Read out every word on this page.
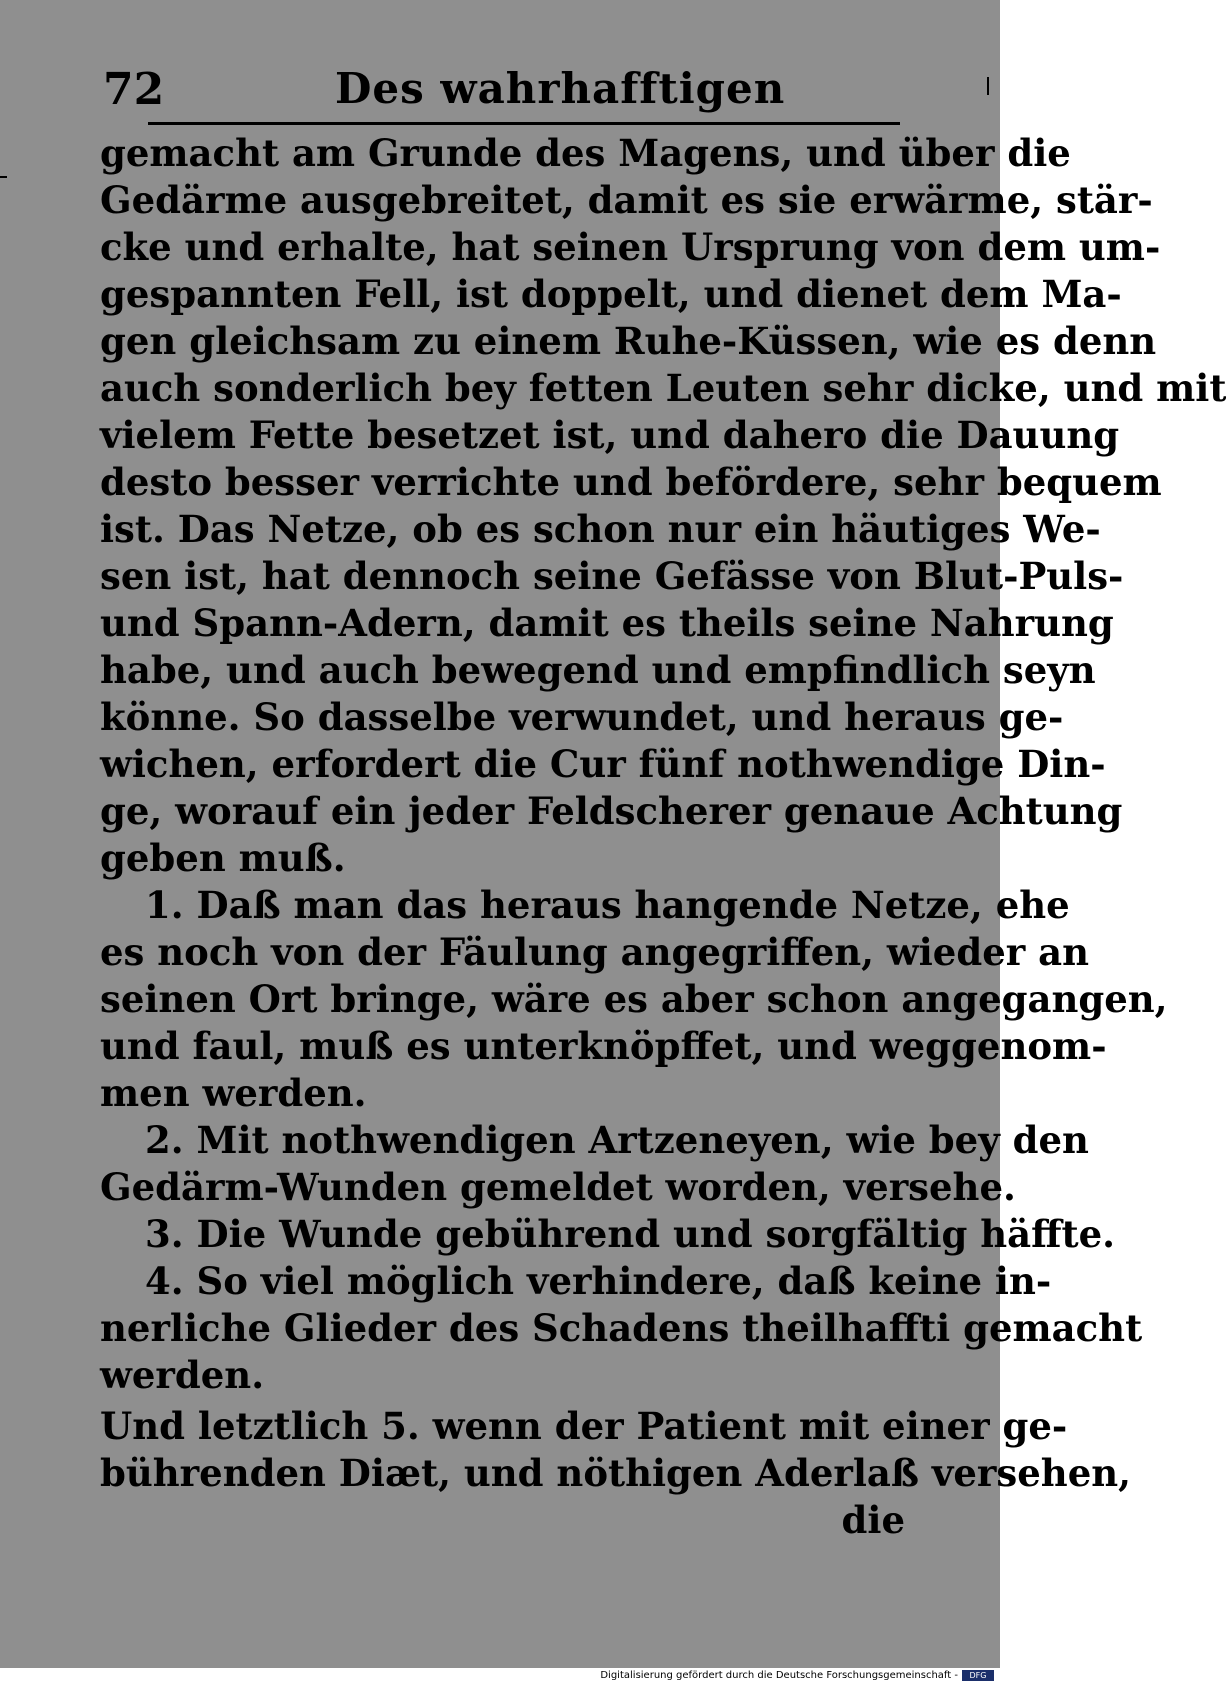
72	Des wahrhafftigen
gemacht am Grunde des Magens, und über die
Gedärme ausgebreitet, damit es sie erwärme, stär-
cke und erhalte, hat seinen Ursprung von dem um-
gespannten Fell, ist doppelt, und dienet dem Ma-
gen gleichsam zu einem Ruhe-Küssen, wie es denn
auch sonderlich bey fetten Leuten sehr dicke, und mit
vielem Fette besetzet ist, und dahero die Dauung
desto besser verrichte und befördere, sehr bequem
ist. Das Netze, ob es schon nur ein häutiges We-
sen ist, hat dennoch seine Gefässe von Blut-Puls-
und Spann-Adern, damit es theils seine Nahrung
habe, und auch bewegend und empfindlich seyn
könne. So dasselbe verwundet, und heraus ge-
wichen, erfordert die Cur fünf nothwendige Din-
ge, worauf ein jeder Feldscherer genaue Achtung
geben muß.
1. Daß man das heraus hangende Netze, ehe
es noch von der Fäulung angegriffen, wieder an
seinen Ort bringe, wäre es aber schon angegangen,
und faul, muß es unterknöpffet, und weggenom-
men werden.
2. Mit nothwendigen Artzeneyen, wie bey den
Gedärm-Wunden gemeldet worden, versehe.
3. Die Wunde gebührend und sorgfältig häffte.
4. So viel möglich verhindere, daß keine in-
nerliche Glieder des Schadens theilhaffti gemacht
werden.
Und letztlich 5. wenn der Patient mit einer ge-
bührenden Diæt, und nöthigen Aderlaß versehen,
die
Digitalisierung gefördert durch die Deutsche Forschungsgemeinschaft -	DFG
